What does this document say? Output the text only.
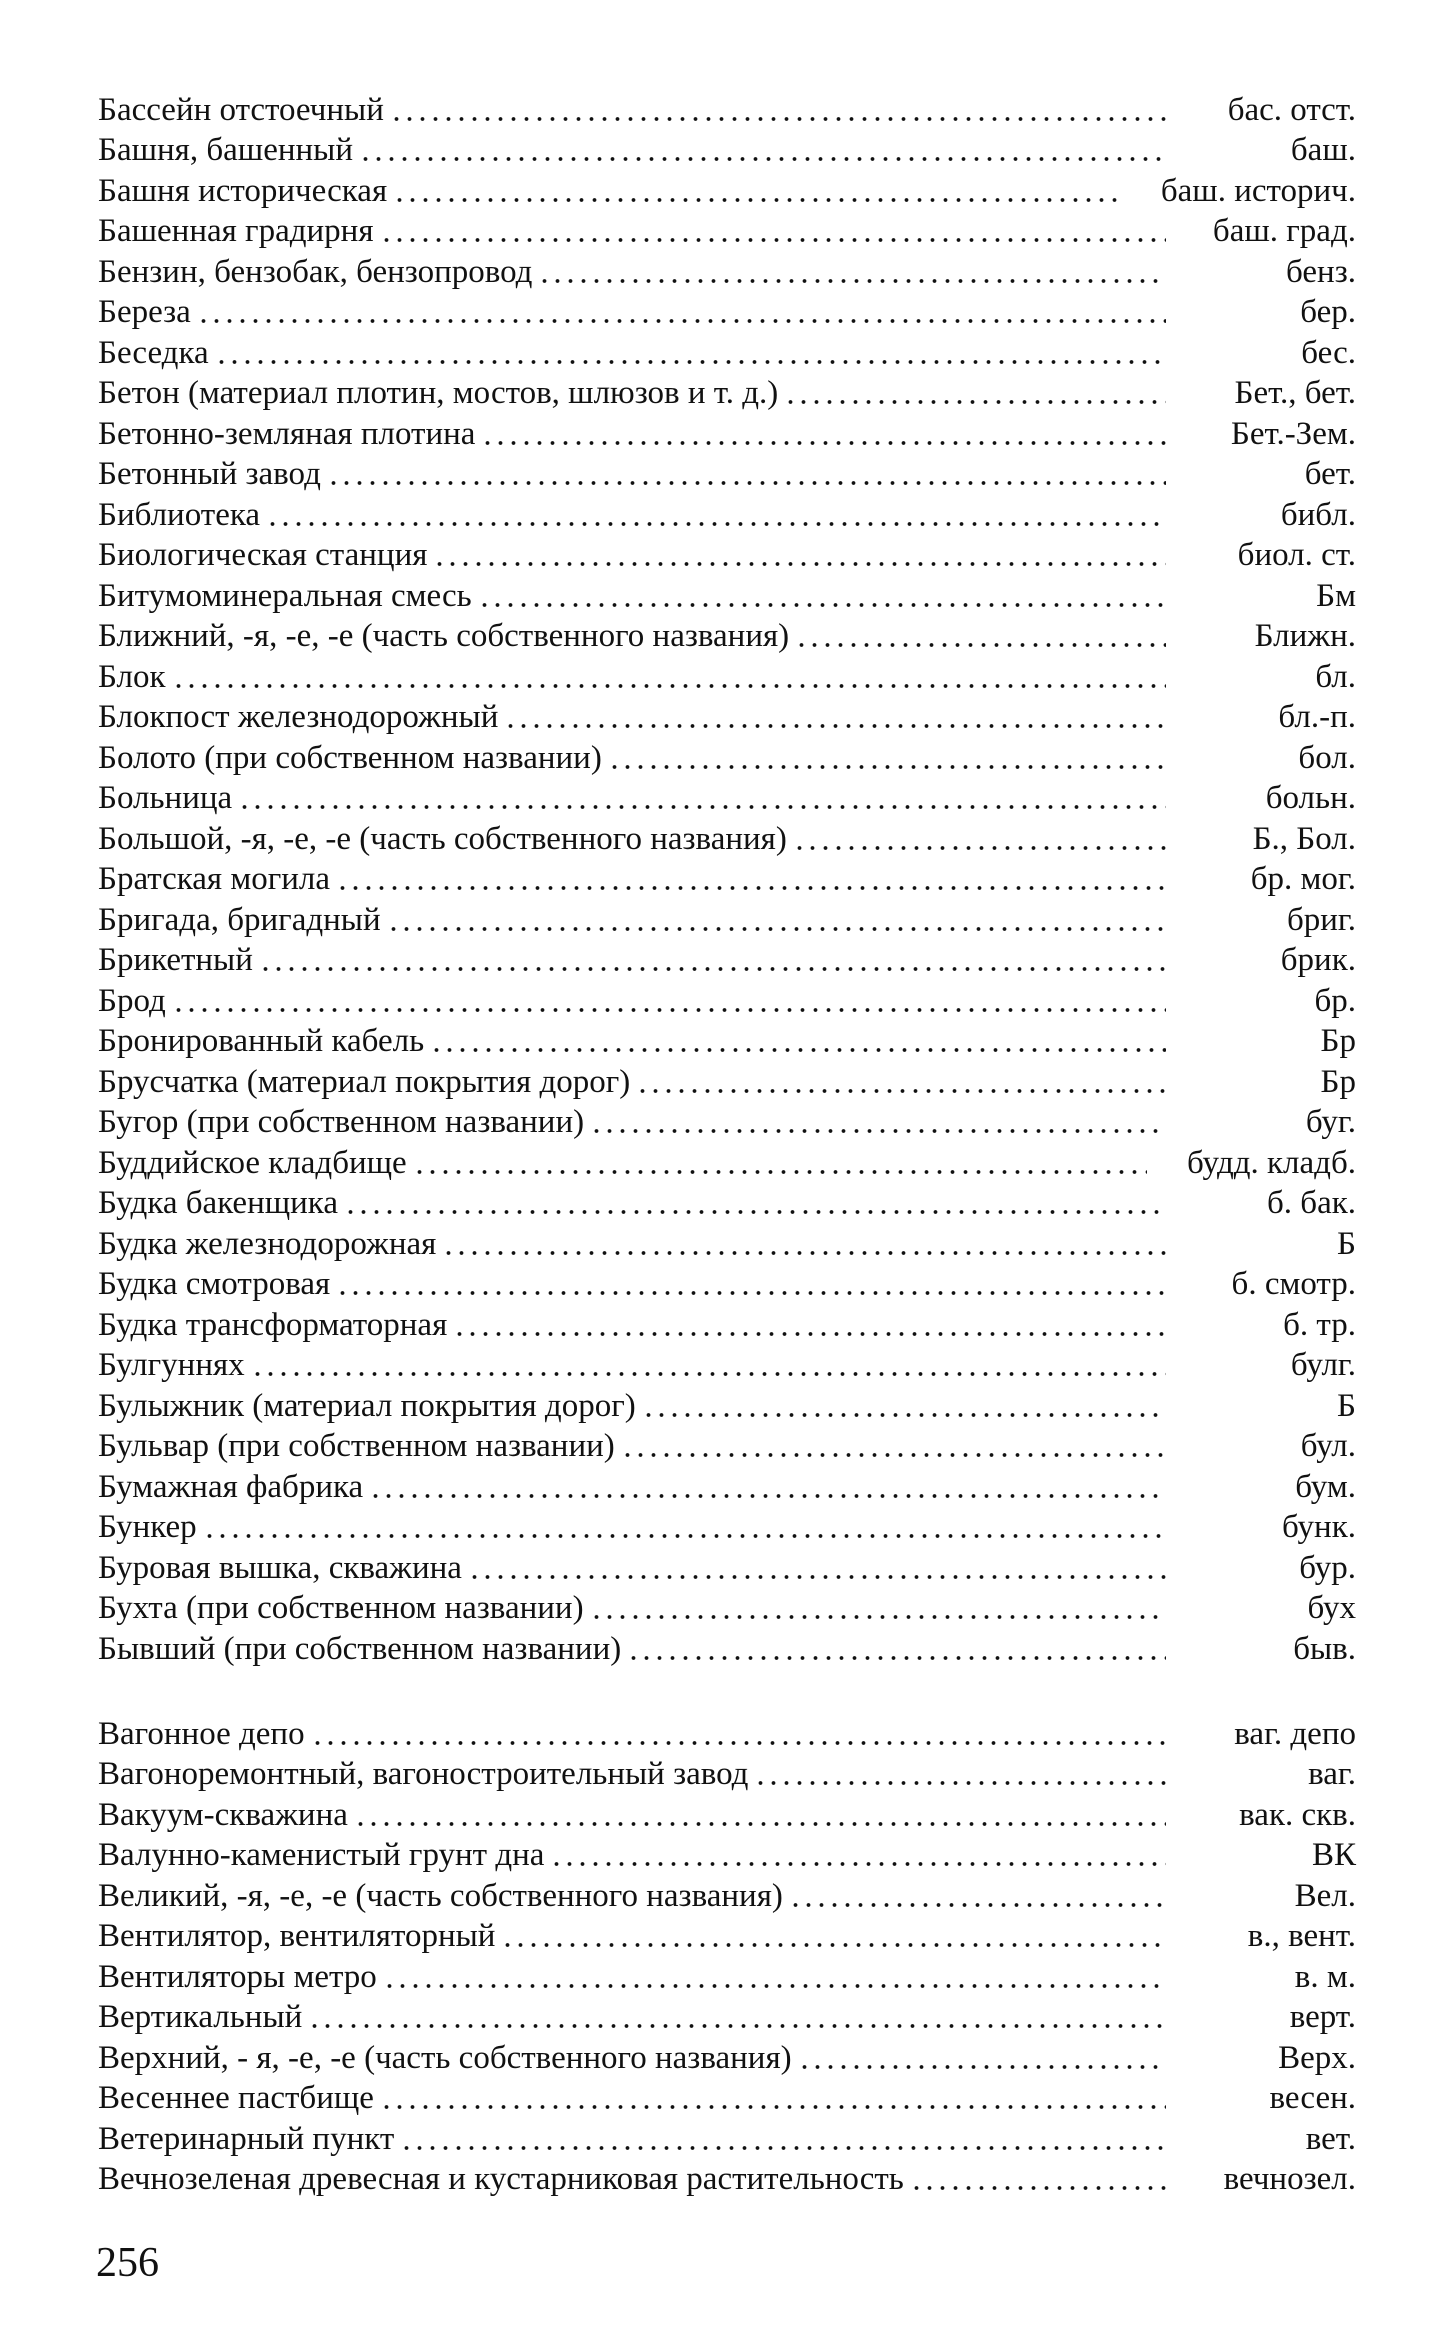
Бассейн отстоечный	бас. отст.
Башня, башенный	баш.
Башня историческая	баш. историч.
Башенная градирня	баш. град.
Бензин, бензобак, бензопровод	бенз.
Береза	бер.
Беседка	бес.
Бетон (материал плотин, мостов, шлюзов и т. д.)	Бет., бет.
Бетонно-земляная плотина	Бет.-Зем.
Бетонный завод	бет.
Библиотека	библ.
Биологическая станция	биол. ст.
Битумоминеральная смесь	Бм
Ближний, -я, -е, -е (часть собственного названия)	Ближн.
Блок	бл.
Блокпост железнодорожный	бл.-п.
Болото (при собственном названии)	бол.
Больница	больн.
Большой, -я, -е, -е (часть собственного названия)	Б., Бол.
Братская могила	бр. мог.
Бригада, бригадный	бриг.
Брикетный	брик.
Брод	бр.
Бронированный кабель	Бр
Брусчатка (материал покрытия дорог)	Бр
Бугор (при собственном названии)	буг.
Буддийское кладбище	будд. кладб.
Будка бакенщика	б. бак.
Будка железнодорожная	Б
Будка смотровая	б. смотр.
Будка трансформаторная	б. тр.
Булгуннях	булг.
Булыжник (материал покрытия дорог)	Б
Бульвар (при собственном названии)	бул.
Бумажная фабрика	бум.
Бункер	бунк.
Буровая вышка, скважина	бур.
Бухта (при собственном названии)	бух
Бывший (при собственном названии)	быв.
Вагонное депо	ваг. депо
Вагоноремонтный, вагоностроительный завод	ваг.
Вакуум-скважина	вак. скв.
Валунно-каменистый грунт дна	ВК
Великий, -я, -е, -е (часть собственного названия)	Вел.
Вентилятор, вентиляторный	в., вент.
Вентиляторы метро	в. м.
Вертикальный	верт.
Верхний, - я, -е, -е (часть собственного названия)	Верх.
Весеннее пастбище	весен.
Ветеринарный пункт	вет.
Вечнозеленая древесная и кустарниковая растительность	вечнозел.
256
